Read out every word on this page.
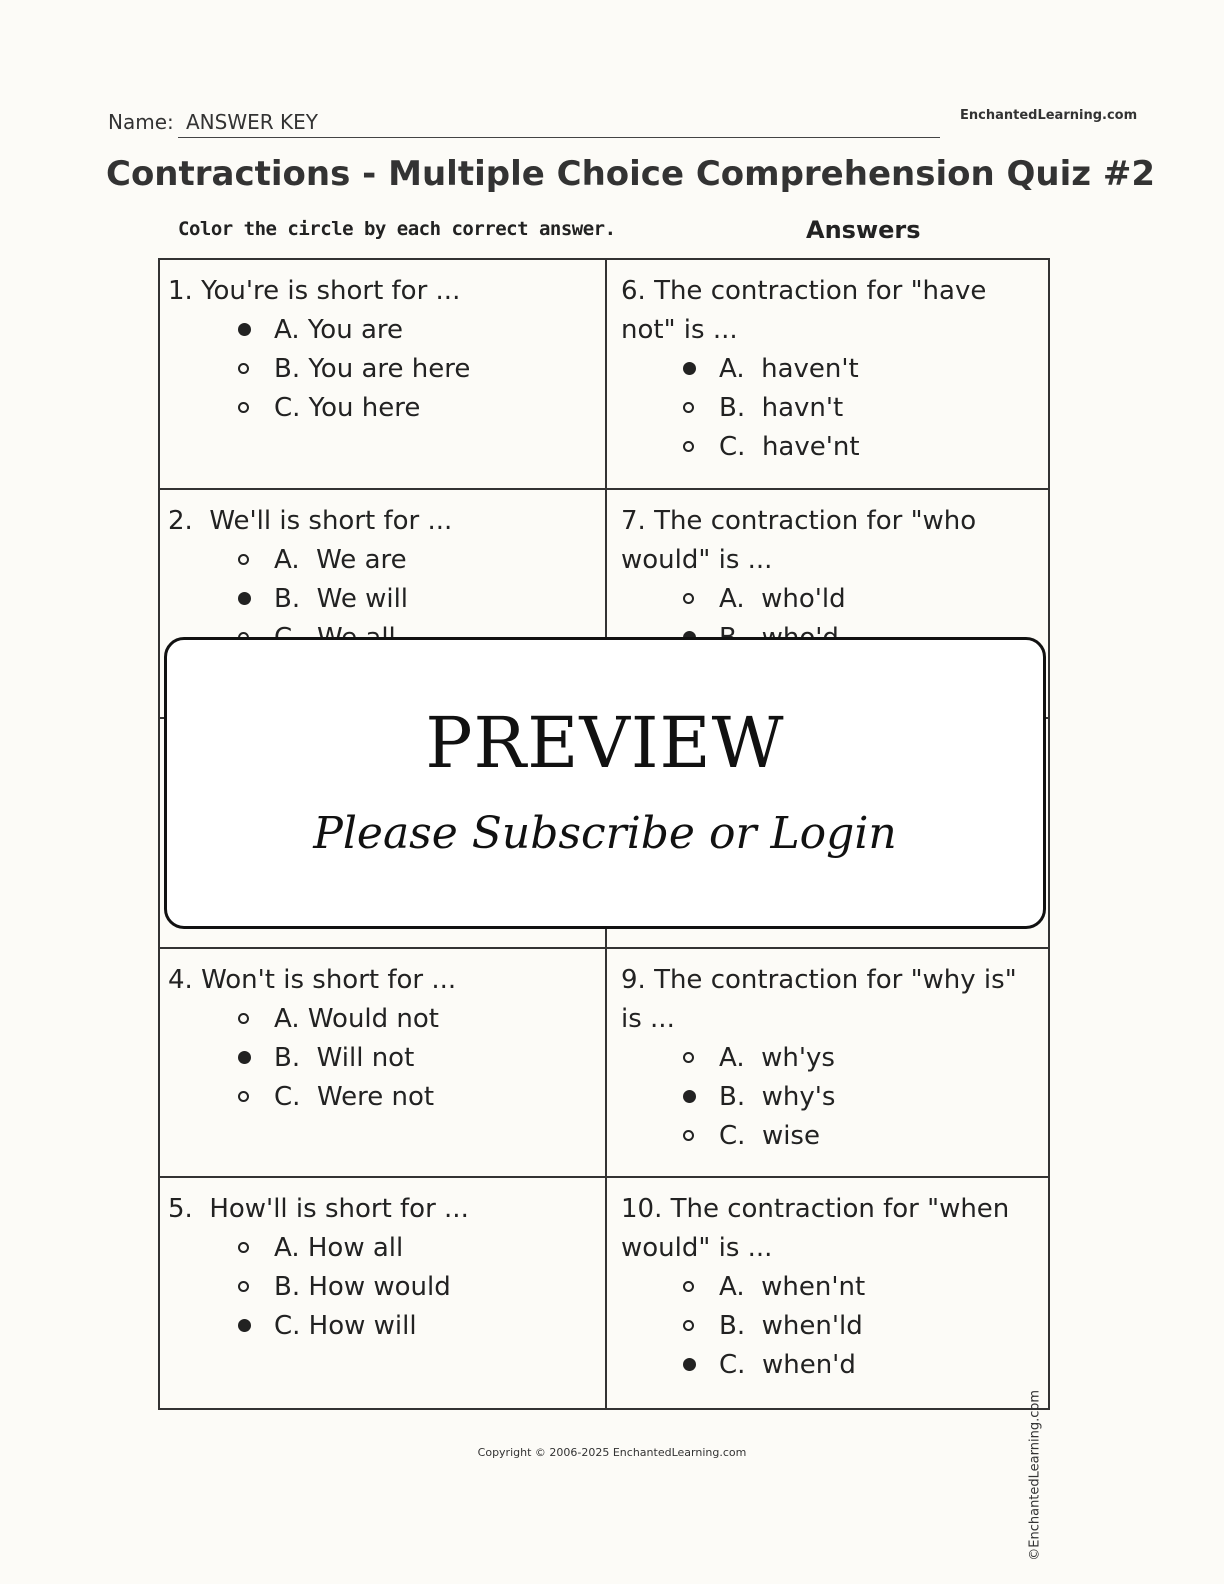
Name: ANSWER KEY	EnchantedLearning.com
Contractions - Multiple Choice Comprehension Quiz #2
Color the circle by each correct answer.	Answers
1. You're is short for ...
A. You are
B. You are here
C. You here
6. The contraction for "have
not" is ...
A.  haven't
B.  havn't
C.  have'nt
2.  We'll is short for ...
A.  We are
B.  We will
7. The contraction for "who
would" is ...
A.  who'ld
4. Won't is short for ...
A. Would not
B.  Will not
C.  Were not
9. The contraction for "why is"
is ...
A.  wh'ys
B.  why's
C.  wise
5.  How'll is short for ...
A. How all
B. How would
C. How will
10. The contraction for "when
would" is ...
A.  when'nt
B.  when'ld
C.  when'd
©EnchantedLearning.com
PREVIEW
Please Subscribe or Login
Copyright © 2006-2025 EnchantedLearning.com
